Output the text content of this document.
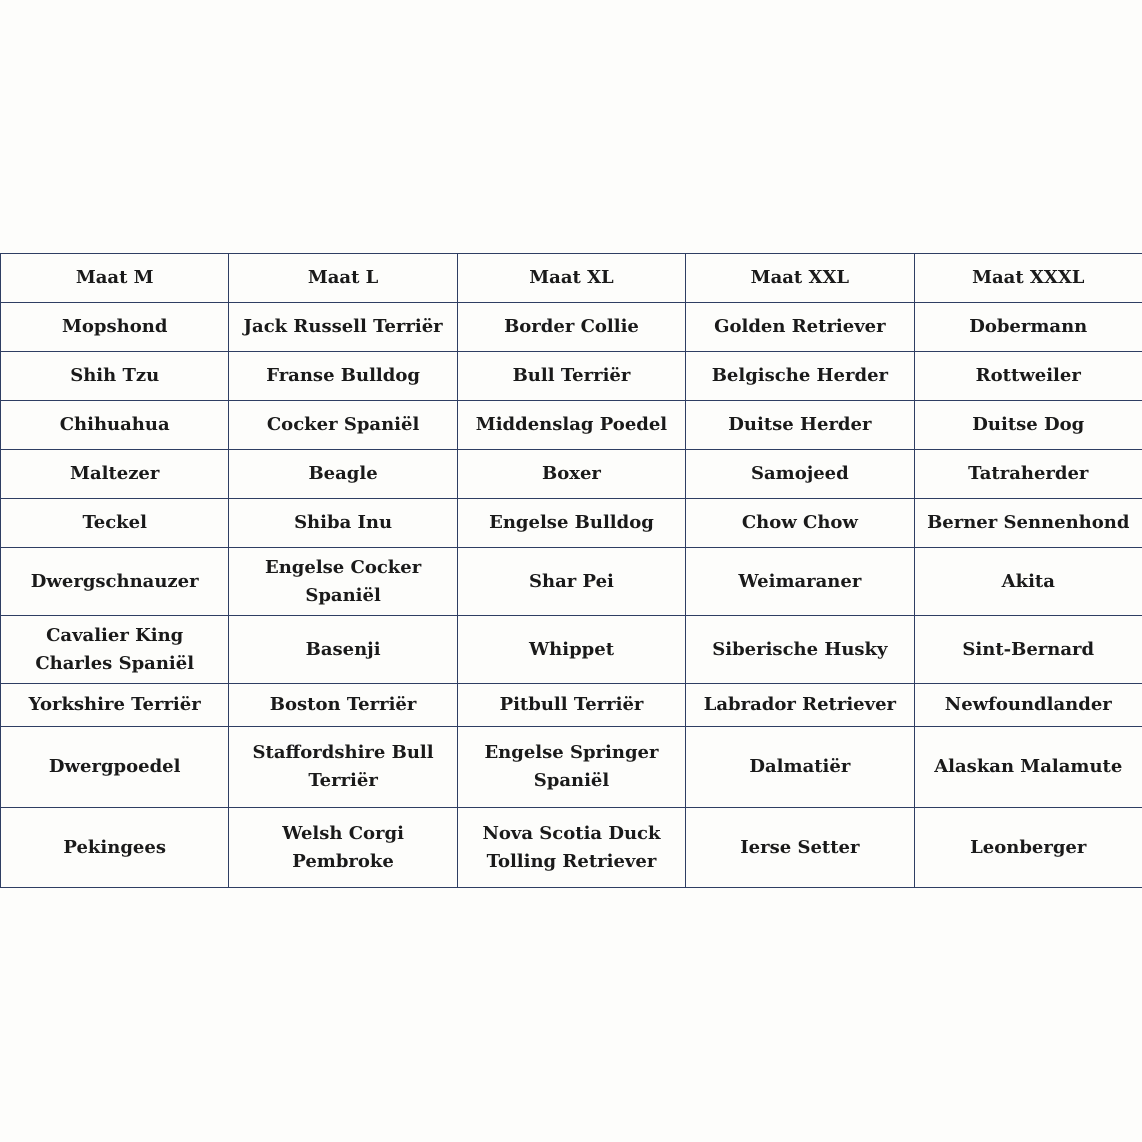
Maat M	Maat L	Maat XL	Maat XXL	Maat XXXL
Mopshond	Jack Russell Terriër	Border Collie	Golden Retriever	Dobermann
Shih Tzu	Franse Bulldog	Bull Terriër	Belgische Herder	Rottweiler
Chihuahua	Cocker Spaniël	Middenslag Poedel	Duitse Herder	Duitse Dog
Maltezer	Beagle	Boxer	Samojeed	Tatraherder
Teckel	Shiba Inu	Engelse Bulldog	Chow Chow	Berner Sennenhond
Dwergschnauzer	Engelse Cocker Spaniël	Shar Pei	Weimaraner	Akita
Cavalier King Charles Spaniël	Basenji	Whippet	Siberische Husky	Sint-Bernard
Yorkshire Terriër	Boston Terriër	Pitbull Terriër	Labrador Retriever	Newfoundlander
Dwergpoedel	Staffordshire Bull Terriër	Engelse Springer Spaniël	Dalmatiër	Alaskan Malamute
Pekingees	Welsh Corgi Pembroke	Nova Scotia Duck Tolling Retriever	Ierse Setter	Leonberger
